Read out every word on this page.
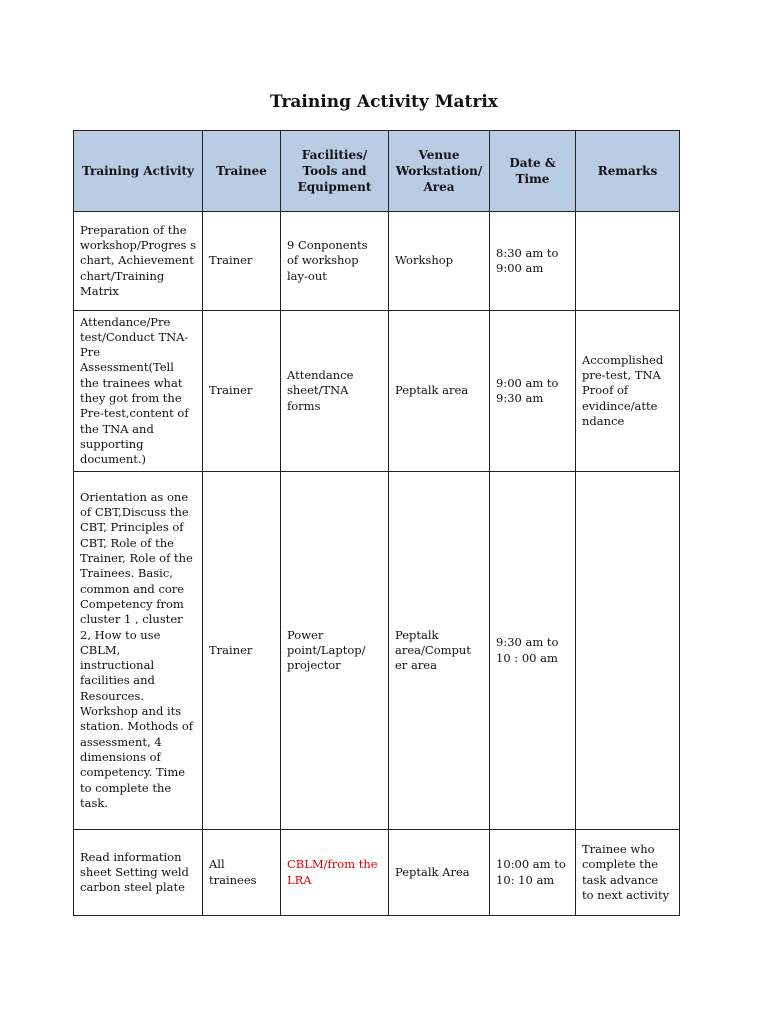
Training Activity Matrix
Training Activity	Trainee	Facilities/ Tools and Equipment	Venue Workstation/ Area	Date & Time	Remarks
Preparation of the workshop/Progres s chart, Achievement chart/Training Matrix	Trainer	9 Conponents of workshop lay-out	Workshop	8:30 am to 9:00 am	
Attendance/Pre test/Conduct TNA-Pre Assessment(Tell the trainees what they got from the Pre-test,content of the TNA and supporting document.)	Trainer	Attendance sheet/TNA forms	Peptalk area	9:00 am to 9:30 am	Accomplished pre-test, TNA Proof of evidince/atte ndance
Orientation as one of CBT,Discuss the CBT, Principles of CBT, Role of the Trainer, Role of the Trainees. Basic, common and core Competency from cluster 1 , cluster 2, How to use CBLM, instructional facilities and Resources. Workshop and its station. Mothods of assessment, 4 dimensions of competency. Time to complete the task.	Trainer	Power point/Laptop/ projector	Peptalk area/Comput er area	9:30 am to 10 : 00 am	
Read information sheet Setting weld carbon steel plate	All trainees	CBLM/from the LRA	Peptalk Area	10:00 am to 10: 10 am	Trainee who complete the task advance to next activity
